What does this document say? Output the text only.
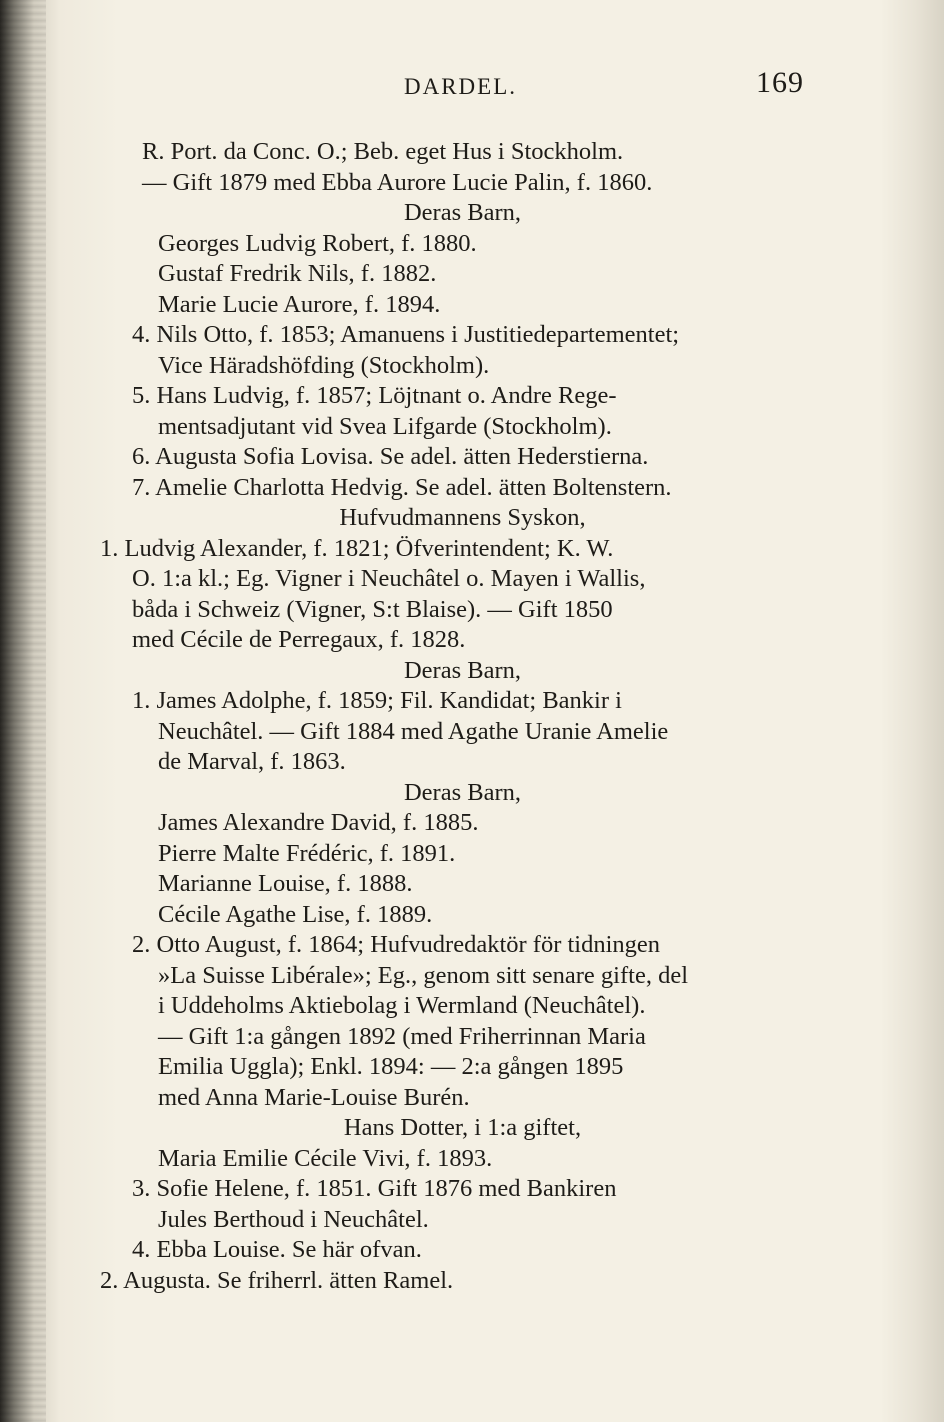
DARDEL.	169
R. Port. da Conc. O.; Beb. eget Hus i Stockholm.
— Gift 1879 med Ebba Aurore Lucie Palin, f. 1860.
Deras Barn,
Georges Ludvig Robert, f. 1880.
Gustaf Fredrik Nils, f. 1882.
Marie Lucie Aurore, f. 1894.
4. Nils Otto, f. 1853; Amanuens i Justitiedepartementet;
Vice Häradshöfding (Stockholm).
5. Hans Ludvig, f. 1857; Löjtnant o. Andre Rege-
mentsadjutant vid Svea Lifgarde (Stockholm).
6. Augusta Sofia Lovisa. Se adel. ätten Hederstierna.
7. Amelie Charlotta Hedvig. Se adel. ätten Boltenstern.
Hufvudmannens Syskon,
1. Ludvig Alexander, f. 1821; Öfverintendent; K. W.
O. 1:a kl.; Eg. Vigner i Neuchâtel o. Mayen i Wallis,
båda i Schweiz (Vigner, S:t Blaise). — Gift 1850
med Cécile de Perregaux, f. 1828.
Deras Barn,
1. James Adolphe, f. 1859; Fil. Kandidat; Bankir i
Neuchâtel. — Gift 1884 med Agathe Uranie Amelie
de Marval, f. 1863.
Deras Barn,
James Alexandre David, f. 1885.
Pierre Malte Frédéric, f. 1891.
Marianne Louise, f. 1888.
Cécile Agathe Lise, f. 1889.
2. Otto August, f. 1864; Hufvudredaktör för tidningen
»La Suisse Libérale»; Eg., genom sitt senare gifte, del
i Uddeholms Aktiebolag i Wermland (Neuchâtel).
— Gift 1:a gången 1892 (med Friherrinnan Maria
Emilia Uggla); Enkl. 1894: — 2:a gången 1895
med Anna Marie-Louise Burén.
Hans Dotter, i 1:a giftet,
Maria Emilie Cécile Vivi, f. 1893.
3. Sofie Helene, f. 1851. Gift 1876 med Bankiren
Jules Berthoud i Neuchâtel.
4. Ebba Louise. Se här ofvan.
2. Augusta. Se friherrl. ätten Ramel.
